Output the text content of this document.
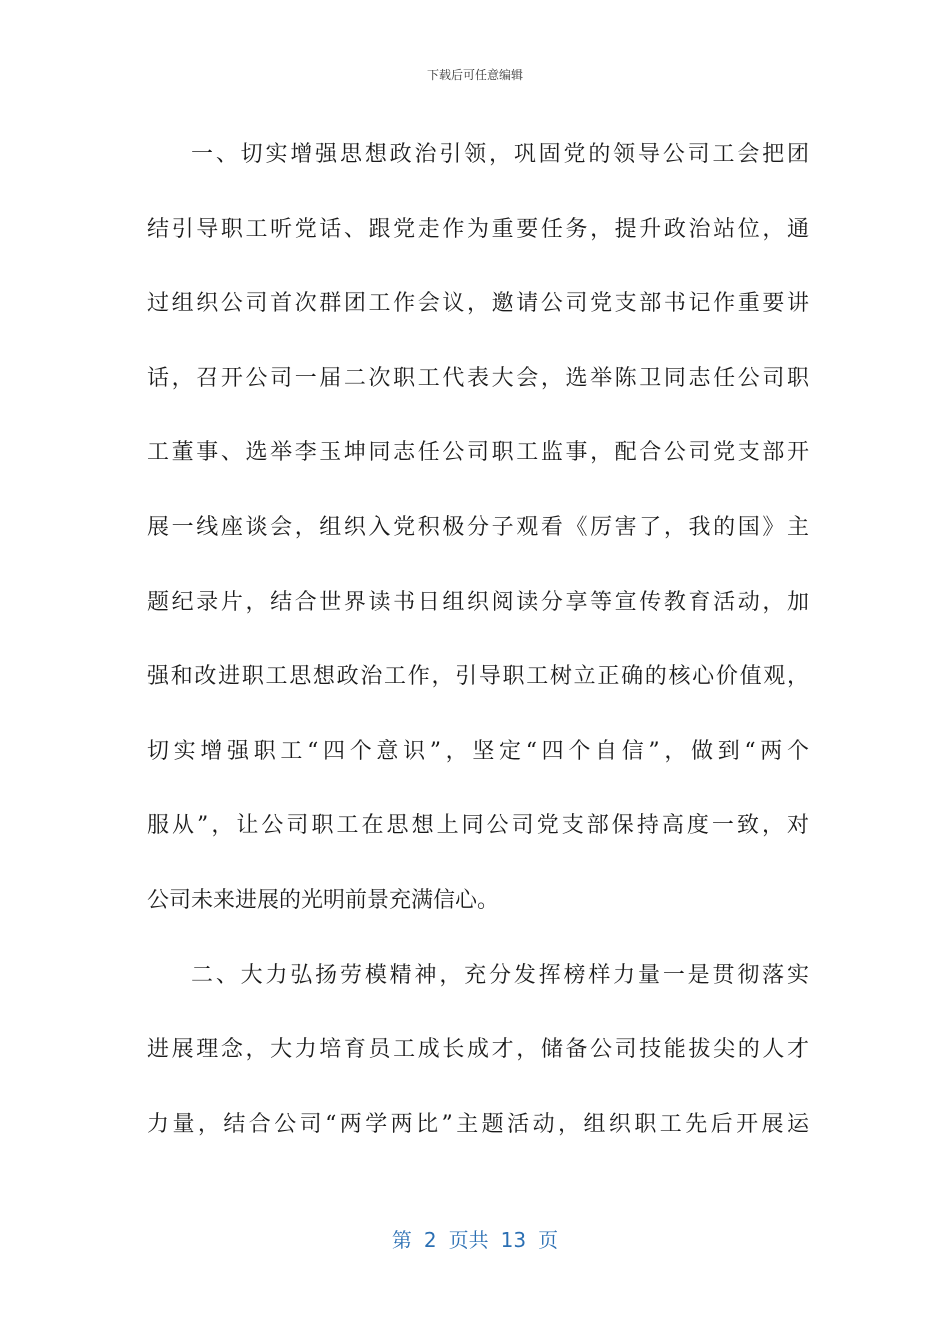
下载后可任意编辑
一、切实增强思想政治引领，巩固党的领导公司工会把团
结引导职工听党话、跟党走作为重要任务，提升政治站位，通
过组织公司首次群团工作会议，邀请公司党支部书记作重要讲
话，召开公司一届二次职工代表大会，选举陈卫同志任公司职
工董事、选举李玉坤同志任公司职工监事，配合公司党支部开
展一线座谈会，组织入党积极分子观看《厉害了，我的国》主
题纪录片，结合世界读书日组织阅读分享等宣传教育活动，加
强和改进职工思想政治工作，引导职工树立正确的核心价值观，
切实增强职工“四个意识”，坚定“四个自信”，做到“两个
服从”，让公司职工在思想上同公司党支部保持高度一致，对
公司未来进展的光明前景充满信心。
二、大力弘扬劳模精神，充分发挥榜样力量一是贯彻落实
进展理念，大力培育员工成长成才，储备公司技能拔尖的人才
力量，结合公司“两学两比”主题活动，组织职工先后开展运
第 2 页共 13 页
